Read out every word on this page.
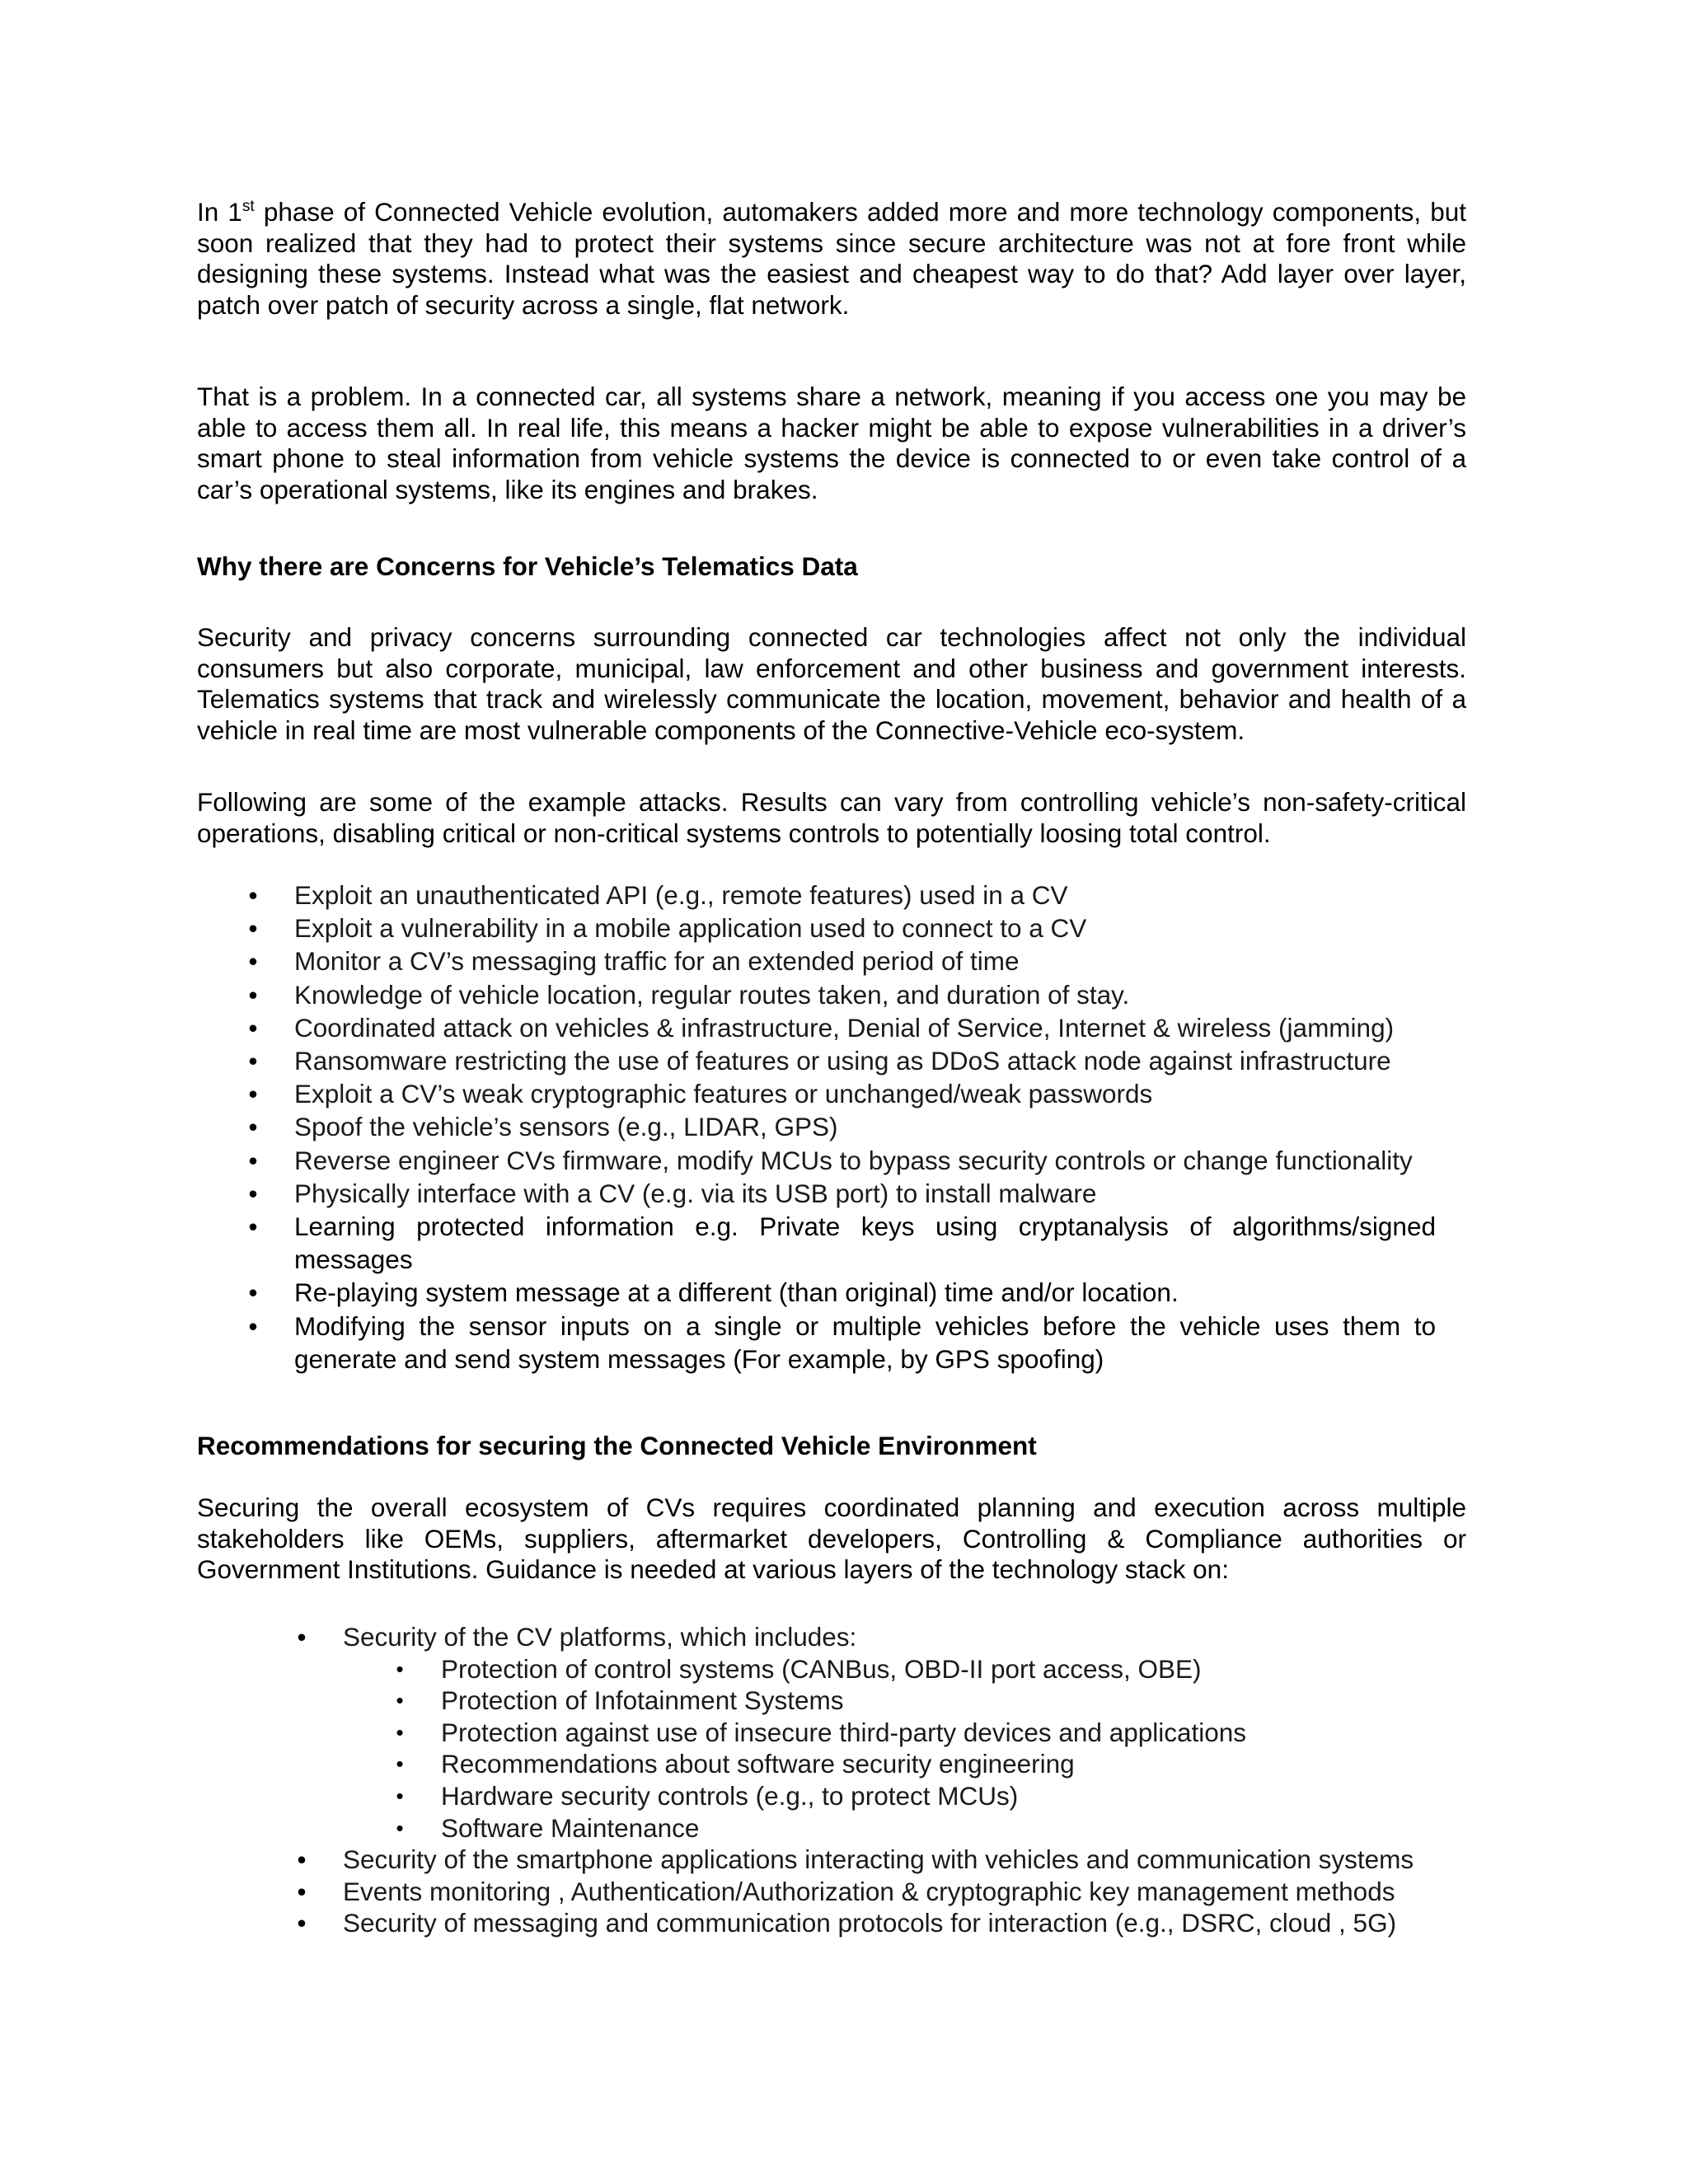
In 1st phase of Connected Vehicle evolution, automakers added more and more technology components, but soon realized that they had to protect their systems since secure architecture was not at fore front while designing these systems. Instead what was the easiest and cheapest way to do that? Add layer over layer, patch over patch of security across a single, flat network.

That is a problem. In a connected car, all systems share a network, meaning if you access one you may be able to access them all. In real life, this means a hacker might be able to expose vulnerabilities in a driver’s smart phone to steal information from vehicle systems the device is connected to or even take control of a car’s operational systems, like its engines and brakes.

Why there are Concerns for Vehicle’s Telematics Data

Security and privacy concerns surrounding connected car technologies affect not only the individual consumers but also corporate, municipal, law enforcement and other business and government interests. Telematics systems that track and wirelessly communicate the location, movement, behavior and health of a vehicle in real time are most vulnerable components of the Connective-Vehicle eco-system.

Following are some of the example attacks. Results can vary from controlling vehicle’s non-safety-critical operations, disabling critical or non-critical systems controls to potentially loosing total control.

• Exploit an unauthenticated API (e.g., remote features) used in a CV
• Exploit a vulnerability in a mobile application used to connect to a CV
• Monitor a CV’s messaging traffic for an extended period of time
• Knowledge of vehicle location, regular routes taken, and duration of stay.
• Coordinated attack on vehicles & infrastructure, Denial of Service, Internet & wireless (jamming)
• Ransomware restricting the use of features or using as DDoS attack node against infrastructure
• Exploit a CV’s weak cryptographic features or unchanged/weak passwords
• Spoof the vehicle’s sensors (e.g., LIDAR, GPS)
• Reverse engineer CVs firmware, modify MCUs to bypass security controls or change functionality
• Physically interface with a CV (e.g. via its USB port) to install malware
• Learning protected information e.g. Private keys using cryptanalysis of algorithms/signed messages
• Re-playing system message at a different (than original) time and/or location.
• Modifying the sensor inputs on a single or multiple vehicles before the vehicle uses them to generate and send system messages (For example, by GPS spoofing)
Recommendations for securing the Connected Vehicle Environment

Securing the overall ecosystem of CVs requires coordinated planning and execution across multiple stakeholders like OEMs, suppliers, aftermarket developers, Controlling & Compliance authorities or Government Institutions. Guidance is needed at various layers of the technology stack on:

• Security of the CV platforms, which includes:
• Protection of control systems (CANBus, OBD-II port access, OBE)
• Protection of Infotainment Systems
• Protection against use of insecure third-party devices and applications
• Recommendations about software security engineering
• Hardware security controls (e.g., to protect MCUs)
• Software Maintenance
• Security of the smartphone applications interacting with vehicles and communication systems
• Events monitoring , Authentication/Authorization & cryptographic key management methods
• Security of messaging and communication protocols for interaction (e.g., DSRC, cloud , 5G)
